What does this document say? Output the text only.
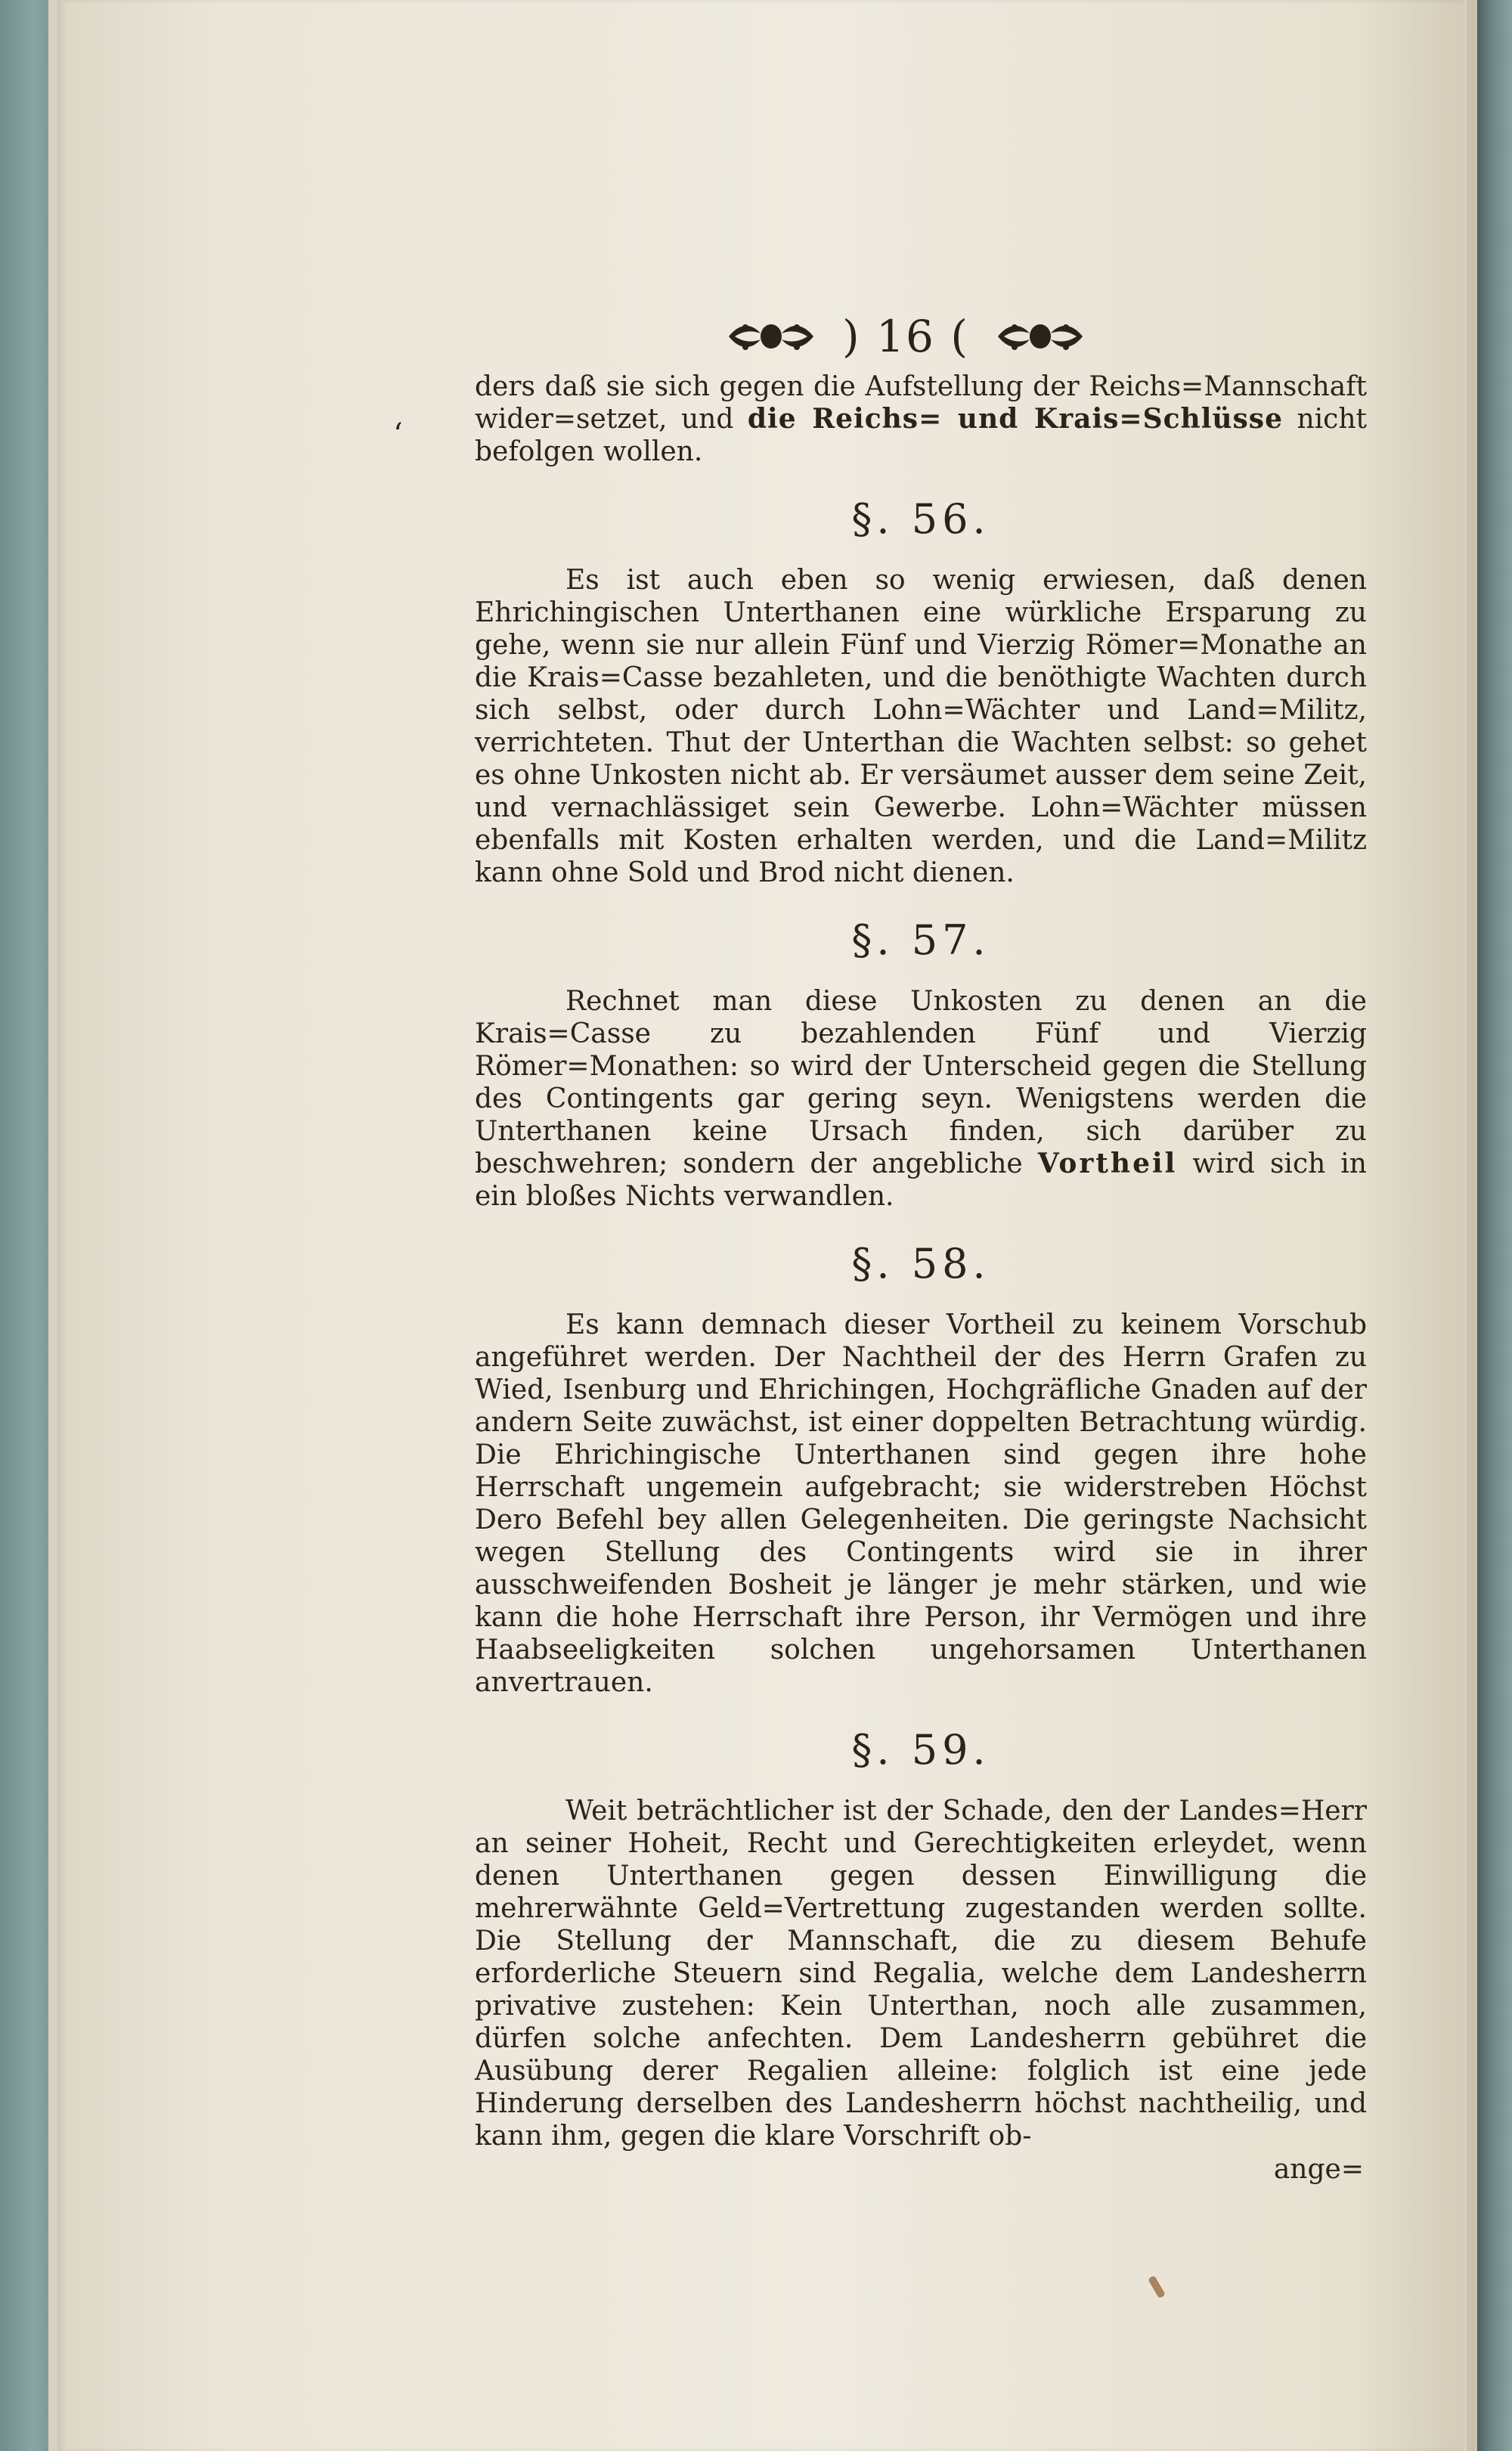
ʻ
) 16 (

ders daß sie sich gegen die Aufstellung der Reichs=Mannschaft wider=setzet, und die Reichs= und Krais=Schlüsse nicht befolgen wollen.

§. 56.

Es ist auch eben so wenig erwiesen, daß denen Ehrichingischen Unterthanen eine würkliche Ersparung zu gehe, wenn sie nur allein Fünf und Vierzig Römer=Monathe an die Krais=Casse bezahleten, und die benöthigte Wachten durch sich selbst, oder durch Lohn=Wächter und Land=Militz, verrichteten. Thut der Unterthan die Wachten selbst: so gehet es ohne Unkosten nicht ab. Er versäumet ausser dem seine Zeit, und vernachlässiget sein Gewerbe. Lohn=Wächter müssen ebenfalls mit Kosten erhalten werden, und die Land=Militz kann ohne Sold und Brod nicht dienen.

§. 57.

Rechnet man diese Unkosten zu denen an die Krais=Casse zu bezahlenden Fünf und Vierzig Römer=Monathen: so wird der Unterscheid gegen die Stellung des Contingents gar gering seyn. Wenigstens werden die Unterthanen keine Ursach finden, sich darüber zu beschwehren; sondern der angebliche Vortheil wird sich in ein bloßes Nichts verwandlen.

§. 58.

Es kann demnach dieser Vortheil zu keinem Vorschub angeführet werden. Der Nachtheil der des Herrn Grafen zu Wied, Isenburg und Ehrichingen, Hochgräfliche Gnaden auf der andern Seite zuwächst, ist einer doppelten Betrachtung würdig. Die Ehrichingische Unterthanen sind gegen ihre hohe Herrschaft ungemein aufgebracht; sie widerstreben Höchst Dero Befehl bey allen Gelegenheiten. Die geringste Nachsicht wegen Stellung des Contingents wird sie in ihrer ausschweifenden Bosheit je länger je mehr stärken, und wie kann die hohe Herrschaft ihre Person, ihr Vermögen und ihre Haabseeligkeiten solchen ungehorsamen Unterthanen anvertrauen.

§. 59.

Weit beträchtlicher ist der Schade, den der Landes=Herr an seiner Hoheit, Recht und Gerechtigkeiten erleydet, wenn denen Unterthanen gegen dessen Einwilligung die mehrerwähnte Geld=Vertrettung zugestanden werden sollte. Die Stellung der Mannschaft, die zu diesem Behufe erforderliche Steuern sind Regalia, welche dem Landesherrn privative zustehen: Kein Unterthan, noch alle zusammen, dürfen solche anfechten. Dem Landesherrn gebühret die Ausübung derer Regalien alleine: folglich ist eine jede Hinderung derselben des Landesherrn höchst nachtheilig, und kann ihm, gegen die klare Vorschrift ob-

ange=
